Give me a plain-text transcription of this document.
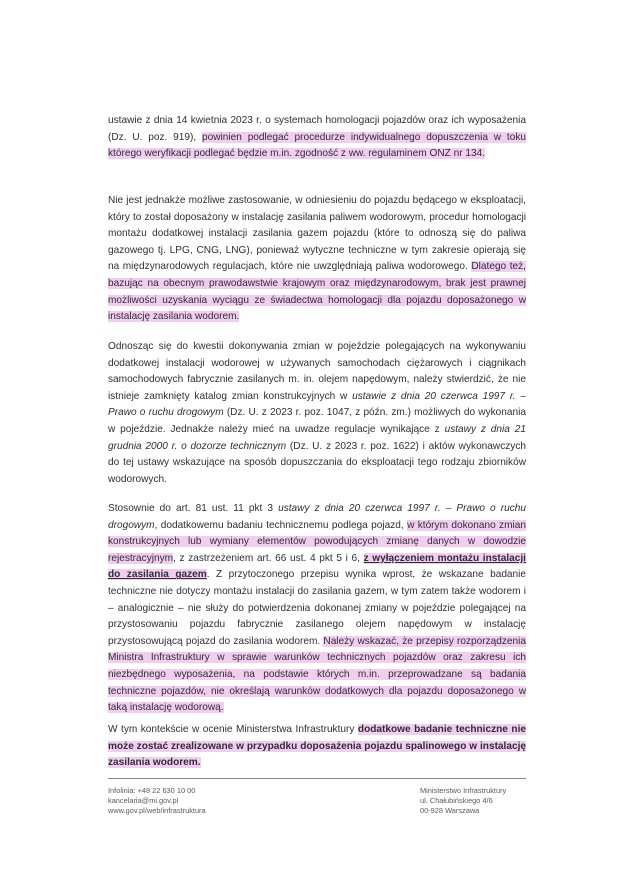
ustawie z dnia 14 kwietnia 2023 r. o systemach homologacji pojazdów oraz ich wyposażenia (Dz. U. poz. 919), powinien podlegać procedurze indywidualnego dopuszczenia w toku którego weryfikacji podlegać będzie m.in. zgodność z ww. regulaminem ONZ nr 134.

Nie jest jednakże możliwe zastosowanie, w odniesieniu do pojazdu będącego w eksploatacji, który to został doposażony w instalację zasilania paliwem wodorowym, procedur homologacji montażu dodatkowej instalacji zasilania gazem pojazdu (które to odnoszą się do paliwa gazowego tj. LPG, CNG, LNG), ponieważ wytyczne techniczne w tym zakresie opierają się na międzynarodowych regulacjach, które nie uwzględniają paliwa wodorowego. Dlatego też, bazując na obecnym prawodawstwie krajowym oraz międzynarodowym, brak jest prawnej możliwości uzyskania wyciągu ze świadectwa homologacji dla pojazdu doposażonego w instalację zasilania wodorem.

Odnosząc się do kwestii dokonywania zmian w pojeździe polegających na wykonywaniu dodatkowej instalacji wodorowej w używanych samochodach ciężarowych i ciągnikach samochodowych fabrycznie zasilanych m. in. olejem napędowym, należy stwierdzić, że nie istnieje zamknięty katalog zmian konstrukcyjnych w ustawie z dnia 20 czerwca 1997 r. – Prawo o ruchu drogowym (Dz. U. z 2023 r. poz. 1047, z późn. zm.) możliwych do wykonania w pojeździe. Jednakże należy mieć na uwadze regulacje wynikające z ustawy z dnia 21 grudnia 2000 r. o dozorze technicznym (Dz. U. z 2023 r. poz. 1622) i aktów wykonawczych do tej ustawy wskazujące na sposób dopuszczania do eksploatacji tego rodzaju zbiorników wodorowych.

Stosownie do art. 81 ust. 11 pkt 3 ustawy z dnia 20 czerwca 1997 r. – Prawo o ruchu drogowym, dodatkowemu badaniu technicznemu podlega pojazd, w którym dokonano zmian konstrukcyjnych lub wymiany elementów powodujących zmianę danych w dowodzie rejestracyjnym, z zastrzeżeniem art. 66 ust. 4 pkt 5 i 6, z wyłączeniem montażu instalacji do zasilania gazem. Z przytoczonego przepisu wynika wprost, że wskazane badanie techniczne nie dotyczy montażu instalacji do zasilania gazem, w tym zatem także wodorem i – analogicznie – nie służy do potwierdzenia dokonanej zmiany w pojeździe polegającej na przystosowaniu pojazdu fabrycznie zasilanego olejem napędowym w instalację przystosowującą pojazd do zasilania wodorem. Należy wskazać, że przepisy rozporządzenia Ministra Infrastruktury w sprawie warunków technicznych pojazdów oraz zakresu ich niezbędnego wyposażenia, na podstawie których m.in. przeprowadzane są badania techniczne pojazdów, nie określają warunków dodatkowych dla pojazdu doposażonego w taką instalację wodorową.

W tym kontekście w ocenie Ministerstwa Infrastruktury dodatkowe badanie techniczne nie może zostać zrealizowane w przypadku doposażenia pojazdu spalinowego w instalację zasilania wodorem.

Infolinia: +48 22 630 10 00
kancelaria@mi.gov.pl
www.gov.pl/web/infrastruktura
Ministerstwo Infrastruktury
ul. Chałubińskiego 4/6
00-928 Warszawa
